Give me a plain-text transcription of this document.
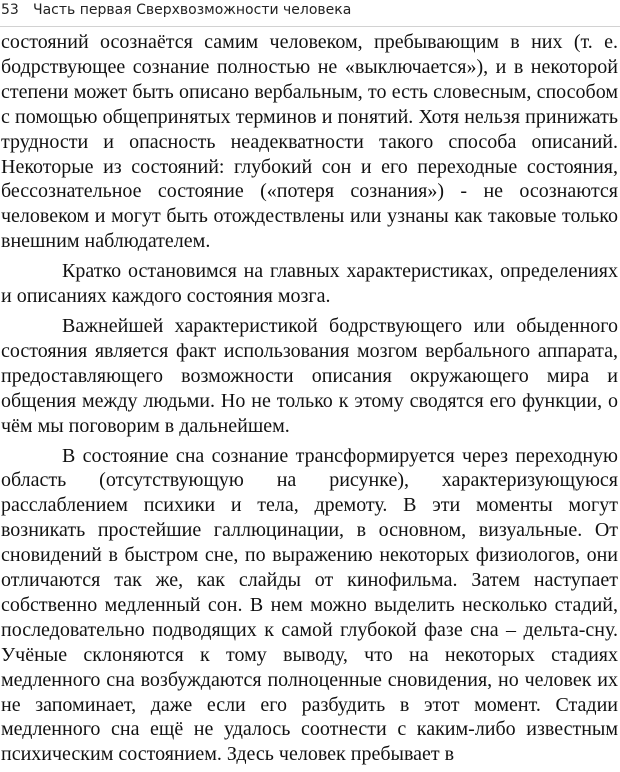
53 Часть первая Сверхвозможности человека

состояний осознаётся самим человеком, пребывающим в них (т. е. бодрствующее сознание полностью не «выключается»), и в некоторой степени может быть описано вербальным, то есть словесным, способом с помощью общепринятых терминов и понятий. Хотя нельзя принижать трудности и опасность неадекватности такого способа описаний. Некоторые из состояний: глубокий сон и его переходные состояния, бессознательное состояние («потеря сознания») - не осознаются человеком и могут быть отождествлены или узнаны как таковые только внешним наблюдателем.

Кратко остановимся на главных характеристиках, определениях и описаниях каждого состояния мозга.

Важнейшей характеристикой бодрствующего или обыденного состояния является факт использования мозгом вербального аппарата, предоставляющего возможности описания окружающего мира и общения между людьми. Но не только к этому сводятся его функции, о чём мы поговорим в дальнейшем.

В состояние сна сознание трансформируется через переходную область (отсутствующую на рисунке), характеризующуюся расслаблением психики и тела, дремоту. В эти моменты могут возникать простейшие галлюцинации, в основном, визуальные. От сновидений в быстром сне, по выражению некоторых физиологов, они отличаются так же, как слайды от кинофильма. Затем наступает собственно медленный сон. В нем можно выделить несколько стадий, последовательно подводящих к самой глубокой фазе сна – дельта-сну. Учёные склоняются к тому выводу, что на некоторых стадиях медленного сна возбуждаются полноценные сновидения, но человек их не запоминает, даже если его разбудить в этот момент. Стадии медленного сна ещё не удалось соотнести с каким-либо известным психическим состоянием. Здесь человек пребывает в
